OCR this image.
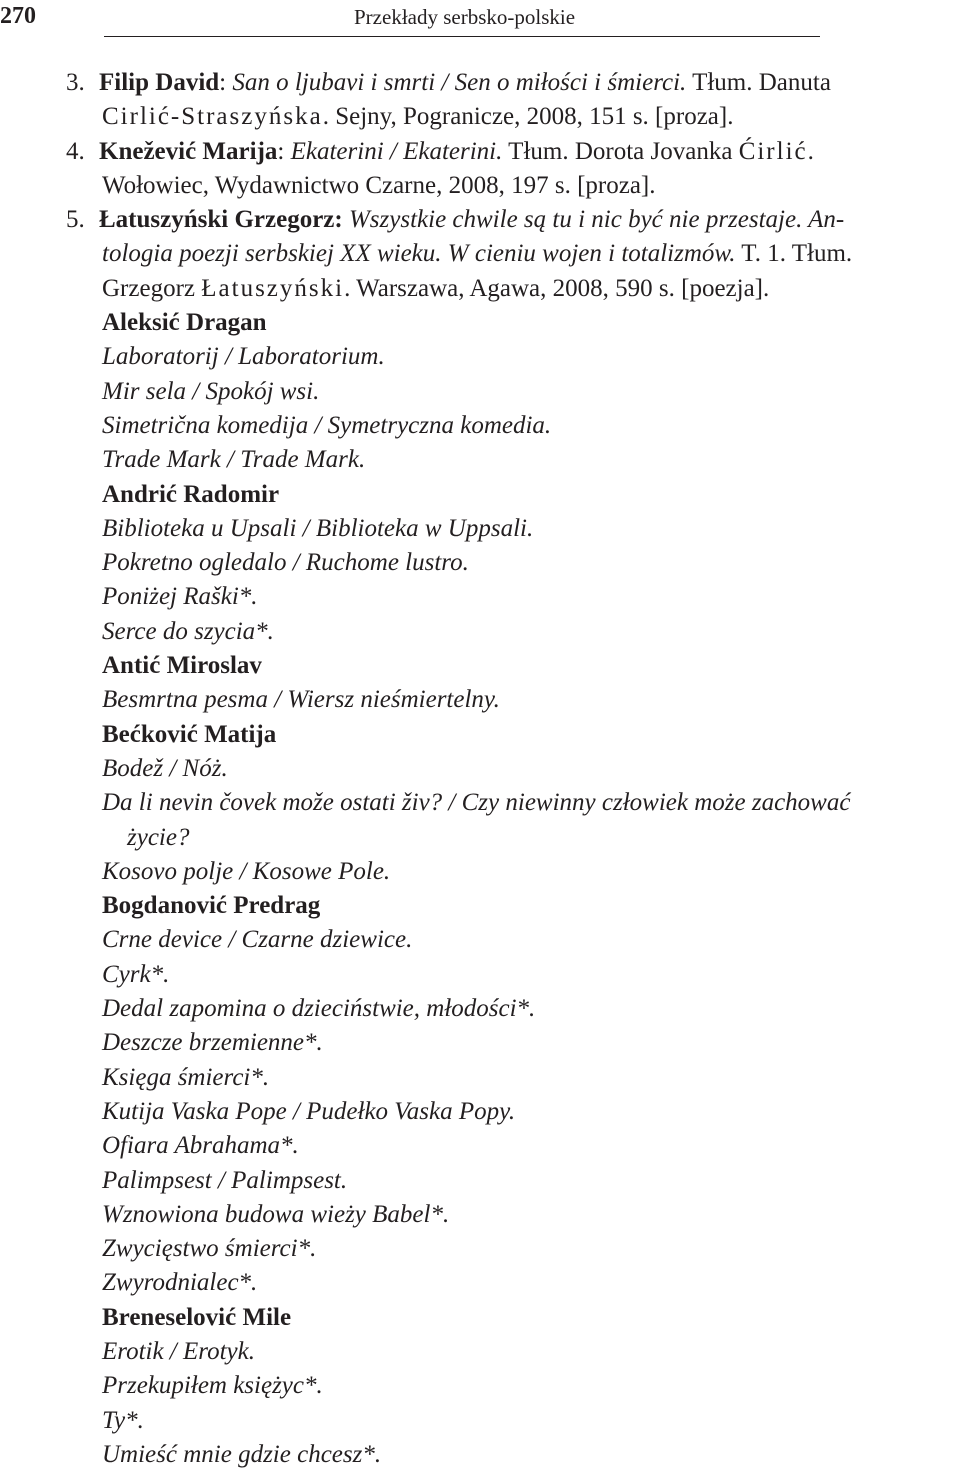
270	Przekłady serbsko-polskie
3. Filip David: San o ljubavi i smrti / Sen o miłości i śmierci. Tłum. Danuta
Cirlić-Straszyńska. Sejny, Pogranicze, 2008, 151 s. [proza].
4. Knežević Marija: Ekaterini / Ekaterini. Tłum. Dorota Jovanka Ćirlić.
Wołowiec, Wydawnictwo Czarne, 2008, 197 s. [proza].
5. Łatuszyński Grzegorz: Wszystkie chwile są tu i nic być nie przestaje. An-
tologia poezji serbskiej XX wieku. W cieniu wojen i totalizmów. T. 1. Tłum.
Grzegorz Łatuszyński. Warszawa, Agawa, 2008, 590 s. [poezja].
Aleksić Dragan
Laboratorij / Laboratorium.
Mir sela / Spokój wsi.
Simetrična komedija / Symetryczna komedia.
Trade Mark / Trade Mark.
Andrić Radomir
Biblioteka u Upsali / Biblioteka w Uppsali.
Pokretno ogledalo / Ruchome lustro.
Poniżej Raški*.
Serce do szycia*.
Antić Miroslav
Besmrtna pesma / Wiersz nieśmiertelny.
Bećković Matija
Bodež / Nóż.
Da li nevin čovek može ostati živ? / Czy niewinny człowiek może zachować
życie?
Kosovo polje / Kosowe Pole.
Bogdanović Predrag
Crne device / Czarne dziewice.
Cyrk*.
Dedal zapomina o dzieciństwie, młodości*.
Deszcze brzemienne*.
Księga śmierci*.
Kutija Vaska Pope / Pudełko Vaska Popy.
Ofiara Abrahama*.
Palimpsest / Palimpsest.
Wznowiona budowa wieży Babel*.
Zwycięstwo śmierci*.
Zwyrodnialec*.
Breneselović Mile
Erotik / Erotyk.
Przekupiłem księżyc*.
Ty*.
Umieść mnie gdzie chcesz*.
